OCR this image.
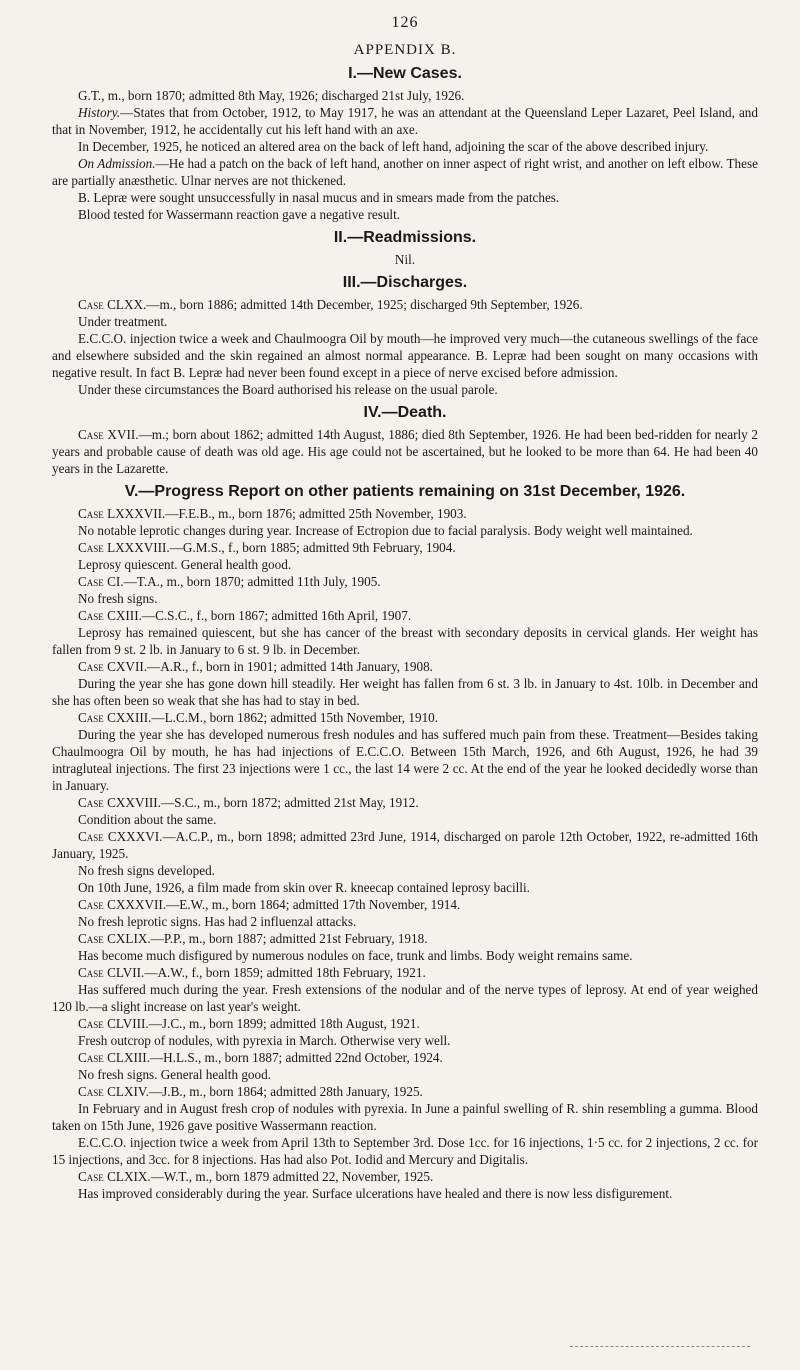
126
APPENDIX B.
I.—New Cases.

G.T., m., born 1870; admitted 8th May, 1926; discharged 21st July, 1926.

History.—States that from October, 1912, to May 1917, he was an attendant at the Queensland Leper Lazaret, Peel Island, and that in November, 1912, he accidentally cut his left hand with an axe.

In December, 1925, he noticed an altered area on the back of left hand, adjoining the scar of the above described injury.

On Admission.—He had a patch on the back of left hand, another on inner aspect of right wrist, and another on left elbow. These are partially anæsthetic. Ulnar nerves are not thickened.

B. Lepræ were sought unsuccessfully in nasal mucus and in smears made from the patches.

Blood tested for Wassermann reaction gave a negative result.

II.—Readmissions.

Nil.

III.—Discharges.

Case CLXX.—m., born 1886; admitted 14th December, 1925; discharged 9th September, 1926.

Under treatment.

E.C.C.O. injection twice a week and Chaulmoogra Oil by mouth—he improved very much—the cutaneous swellings of the face and elsewhere subsided and the skin regained an almost normal appearance. B. Lepræ had been sought on many occasions with negative result. In fact B. Lepræ had never been found except in a piece of nerve excised before admission.

Under these circumstances the Board authorised his release on the usual parole.

IV.—Death.

Case XVII.—m.; born about 1862; admitted 14th August, 1886; died 8th September, 1926. He had been bed-ridden for nearly 2 years and probable cause of death was old age. His age could not be ascertained, but he looked to be more than 64. He had been 40 years in the Lazarette.

V.—Progress Report on other patients remaining on 31st December, 1926.

Case LXXXVII.—F.E.B., m., born 1876; admitted 25th November, 1903.

No notable leprotic changes during year. Increase of Ectropion due to facial paralysis. Body weight well maintained.

Case LXXXVIII.—G.M.S., f., born 1885; admitted 9th February, 1904.

Leprosy quiescent. General health good.

Case CI.—T.A., m., born 1870; admitted 11th July, 1905.

No fresh signs.

Case CXIII.—C.S.C., f., born 1867; admitted 16th April, 1907.

Leprosy has remained quiescent, but she has cancer of the breast with secondary deposits in cervical glands. Her weight has fallen from 9 st. 2 lb. in January to 6 st. 9 lb. in December.

Case CXVII.—A.R., f., born in 1901; admitted 14th January, 1908.

During the year she has gone down hill steadily. Her weight has fallen from 6 st. 3 lb. in January to 4st. 10lb. in December and she has often been so weak that she has had to stay in bed.

Case CXXIII.—L.C.M., born 1862; admitted 15th November, 1910.

During the year she has developed numerous fresh nodules and has suffered much pain from these. Treatment—Besides taking Chaulmoogra Oil by mouth, he has had injections of E.C.C.O. Between 15th March, 1926, and 6th August, 1926, he had 39 intragluteal injections. The first 23 injections were 1 cc., the last 14 were 2 cc. At the end of the year he looked decidedly worse than in January.

Case CXXVIII.—S.C., m., born 1872; admitted 21st May, 1912.

Condition about the same.

Case CXXXVI.—A.C.P., m., born 1898; admitted 23rd June, 1914, discharged on parole 12th October, 1922, re-admitted 16th January, 1925.

No fresh signs developed.

On 10th June, 1926, a film made from skin over R. kneecap contained leprosy bacilli.

Case CXXXVII.—E.W., m., born 1864; admitted 17th November, 1914.

No fresh leprotic signs. Has had 2 influenzal attacks.

Case CXLIX.—P.P., m., born 1887; admitted 21st February, 1918.

Has become much disfigured by numerous nodules on face, trunk and limbs. Body weight remains same.

Case CLVII.—A.W., f., born 1859; admitted 18th February, 1921.

Has suffered much during the year. Fresh extensions of the nodular and of the nerve types of leprosy. At end of year weighed 120 lb.—a slight increase on last year's weight.

Case CLVIII.—J.C., m., born 1899; admitted 18th August, 1921.

Fresh outcrop of nodules, with pyrexia in March. Otherwise very well.

Case CLXIII.—H.L.S., m., born 1887; admitted 22nd October, 1924.

No fresh signs. General health good.

Case CLXIV.—J.B., m., born 1864; admitted 28th January, 1925.

In February and in August fresh crop of nodules with pyrexia. In June a painful swelling of R. shin resembling a gumma. Blood taken on 15th June, 1926 gave positive Wassermann reaction.

E.C.C.O. injection twice a week from April 13th to September 3rd. Dose 1cc. for 16 injections, 1·5 cc. for 2 injections, 2 cc. for 15 injections, and 3cc. for 8 injections. Has had also Pot. Iodid and Mercury and Digitalis.

Case CLXIX.—W.T., m., born 1879 admitted 22, November, 1925.

Has improved considerably during the year. Surface ulcerations have healed and there is now less disfigurement.
